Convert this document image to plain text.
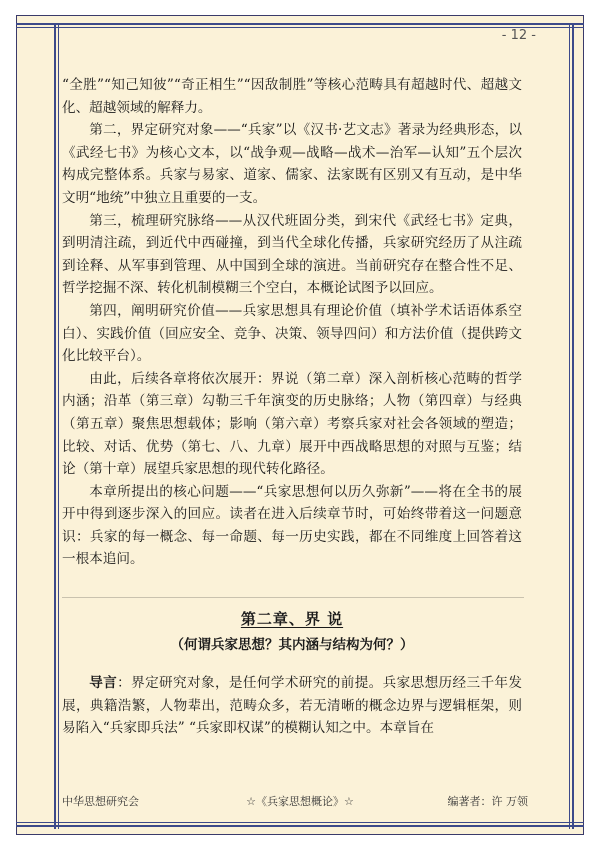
- 12 -

“全胜”“知己知彼”“奇正相生”“因敌制胜”等核心范畴具有超越时代、超越文化、超越领域的解释力。

第二，界定研究对象——“兵家”以《汉书·艺文志》著录为经典形态，以《武经七书》为核心文本，以“战争观—战略—战术—治军—认知”五个层次构成完整体系。兵家与易家、道家、儒家、法家既有区别又有互动，是中华文明“地统”中独立且重要的一支。

第三，梳理研究脉络——从汉代班固分类，到宋代《武经七书》定典，到明清注疏，到近代中西碰撞，到当代全球化传播，兵家研究经历了从注疏到诠释、从军事到管理、从中国到全球的演进。当前研究存在整合性不足、哲学挖掘不深、转化机制模糊三个空白，本概论试图予以回应。

第四，阐明研究价值——兵家思想具有理论价值（填补学术话语体系空白）、实践价值（回应安全、竞争、决策、领导四问）和方法价值（提供跨文化比较平台）。

由此，后续各章将依次展开：界说（第二章）深入剖析核心范畴的哲学内涵；沿革（第三章）勾勒三千年演变的历史脉络；人物（第四章）与经典（第五章）聚焦思想载体；影响（第六章）考察兵家对社会各领域的塑造；比较、对话、优势（第七、八、九章）展开中西战略思想的对照与互鉴；结论（第十章）展望兵家思想的现代转化路径。

本章所提出的核心问题——“兵家思想何以历久弥新”——将在全书的展开中得到逐步深入的回应。读者在进入后续章节时，可始终带着这一问题意识：兵家的每一概念、每一命题、每一历史实践，都在不同维度上回答着这一根本追问。

第二章、界 说
（何谓兵家思想？其内涵与结构为何？）

导言：界定研究对象，是任何学术研究的前提。兵家思想历经三千年发展，典籍浩繁，人物辈出，范畴众多，若无清晰的概念边界与逻辑框架，则易陷入“兵家即兵法” “兵家即权谋”的模糊认知之中。本章旨在

中华思想研究会	☆《兵家思想概论》☆	编著者：许 万领
